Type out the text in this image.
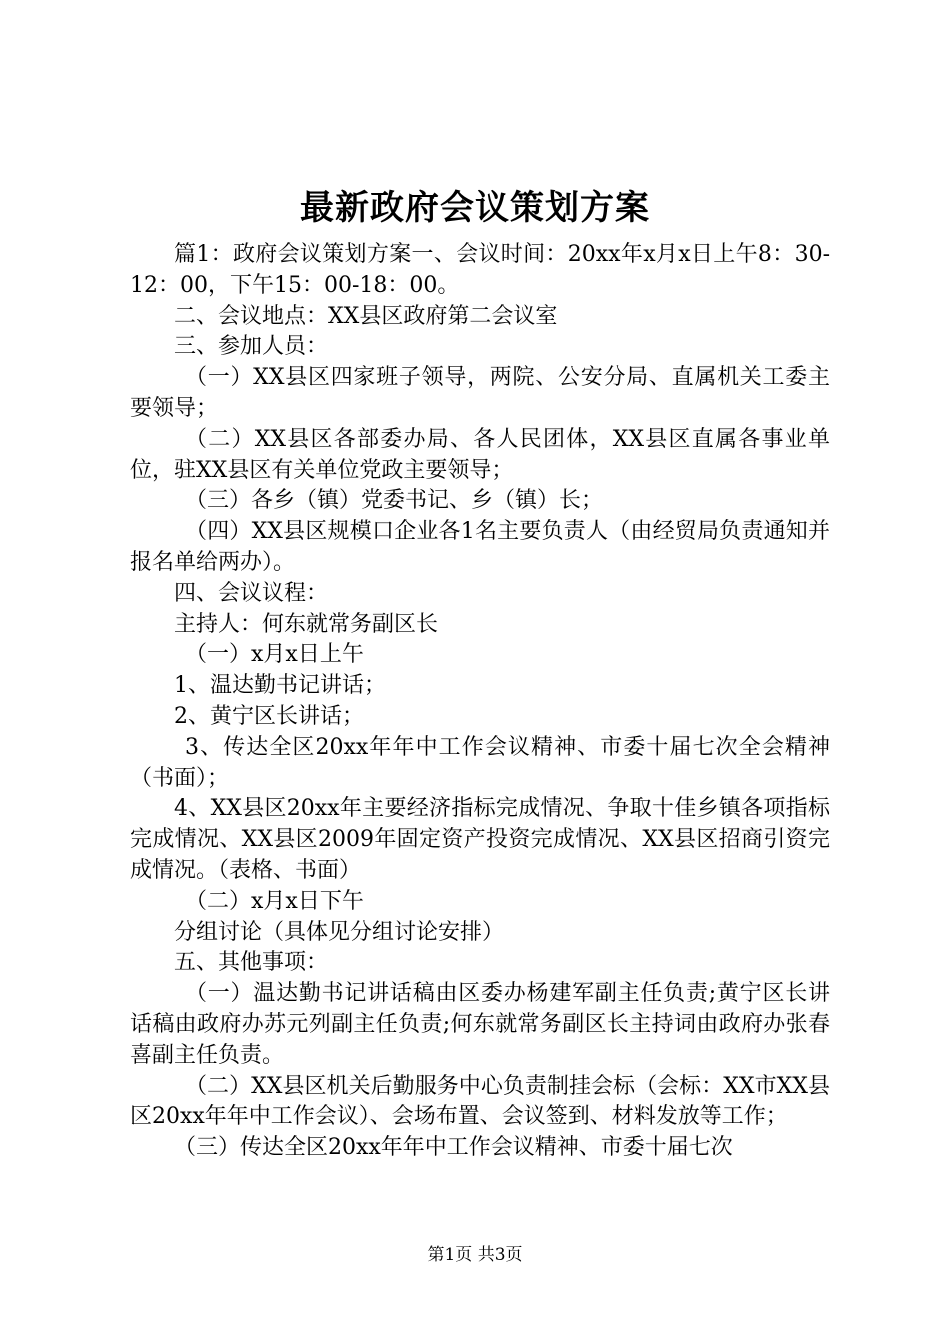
最新政府会议策划方案

篇1：政府会议策划方案一、会议时间：20xx年x月x日上午8：30-12：00，下午15：00-18：00。

二、会议地点：XX县区政府第二会议室

三、参加人员：

（一）XX县区四家班子领导，两院、公安分局、直属机关工委主要领导；

（二）XX县区各部委办局、各人民团体，XX县区直属各事业单位，驻XX县区有关单位党政主要领导；

（三）各乡（镇）党委书记、乡（镇）长；

（四）XX县区规模口企业各1名主要负责人（由经贸局负责通知并报名单给两办）。

四、会议议程：

主持人：何东就常务副区长

（一）x月x日上午

1、温达勤书记讲话；

2、黄宁区长讲话；

3、传达全区20xx年年中工作会议精神、市委十届七次全会精神（书面）；

4、XX县区20xx年主要经济指标完成情况、争取十佳乡镇各项指标完成情况、XX县区2009年固定资产投资完成情况、XX县区招商引资完成情况。（表格、书面）

（二）x月x日下午

分组讨论（具体见分组讨论安排）

五、其他事项：

（一）温达勤书记讲话稿由区委办杨建军副主任负责;黄宁区长讲话稿由政府办苏元列副主任负责;何东就常务副区长主持词由政府办张春喜副主任负责。

（二）XX县区机关后勤服务中心负责制挂会标（会标：XX市XX县区20xx年年中工作会议）、会场布置、会议签到、材料发放等工作；

（三）传达全区20xx年年中工作会议精神、市委十届七次

第1页 共3页
